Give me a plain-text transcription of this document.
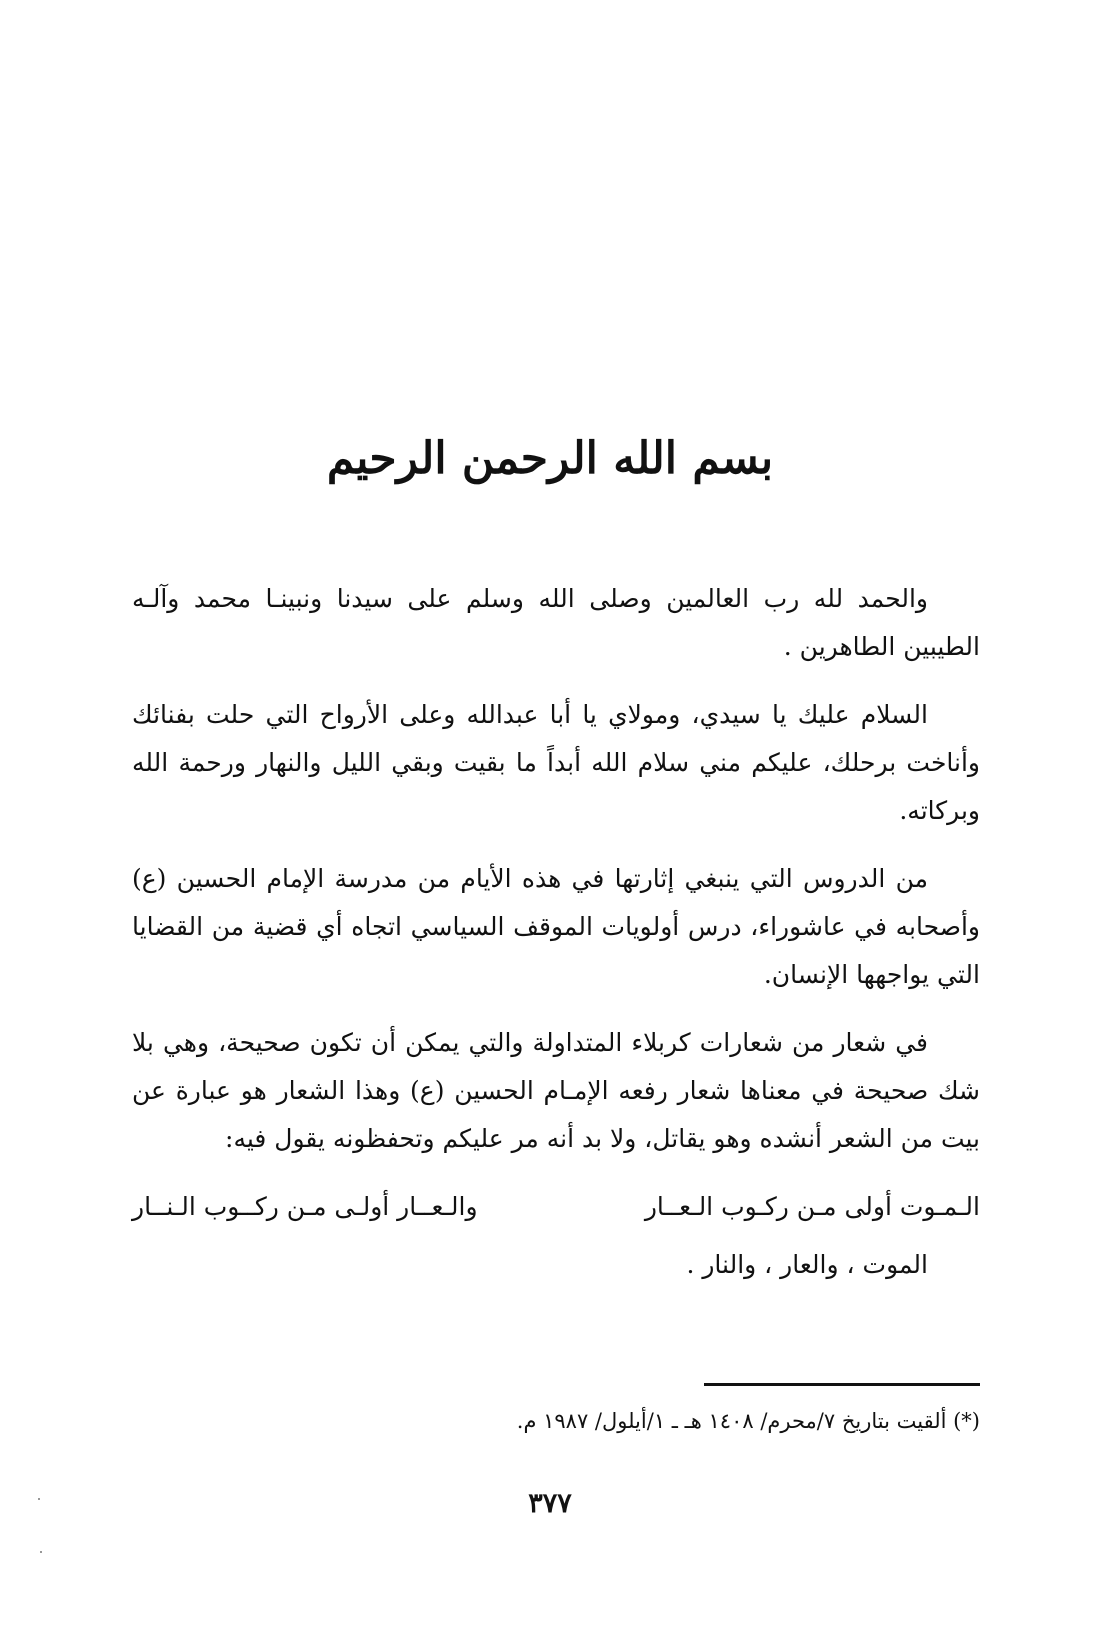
بسم الله الرحمن الرحيم

والحمد لله رب العالمين وصلى الله وسلم على سيدنا ونبينـا محمد وآلـه الطيبين الطاهرين .

السلام عليك يا سيدي، ومولاي يا أبا عبدالله وعلى الأرواح التي حلت بفنائك وأناخت برحلك، عليكم مني سلام الله أبداً ما بقيت وبقي الليل والنهار ورحمة الله وبركاته.

من الدروس التي ينبغي إثارتها في هذه الأيام من مدرسة الإمام الحسين (ع) وأصحابه في عاشوراء، درس أولويات الموقف السياسي اتجاه أي قضية من القضايا التي يواجهها الإنسان.

في شعار من شعارات كربلاء المتداولة والتي يمكن أن تكون صحيحة، وهي بلا شك صحيحة في معناها شعار رفعه الإمـام الحسين (ع) وهذا الشعار هو عبارة عن بيت من الشعر أنشده وهو يقاتل، ولا بد أنه مر عليكم وتحفظونه يقول فيه:

الـمـوت أولى مـن ركـوب الـعــار
والـعــار أولـى مـن ركــوب الـنــار
الموت ، والعار ، والنار .

(*) ألقيت بتاريخ ٧/محرم/ ١٤٠٨ هـ ـ ١/أيلول/ ١٩٨٧ م.

٣٧٧
